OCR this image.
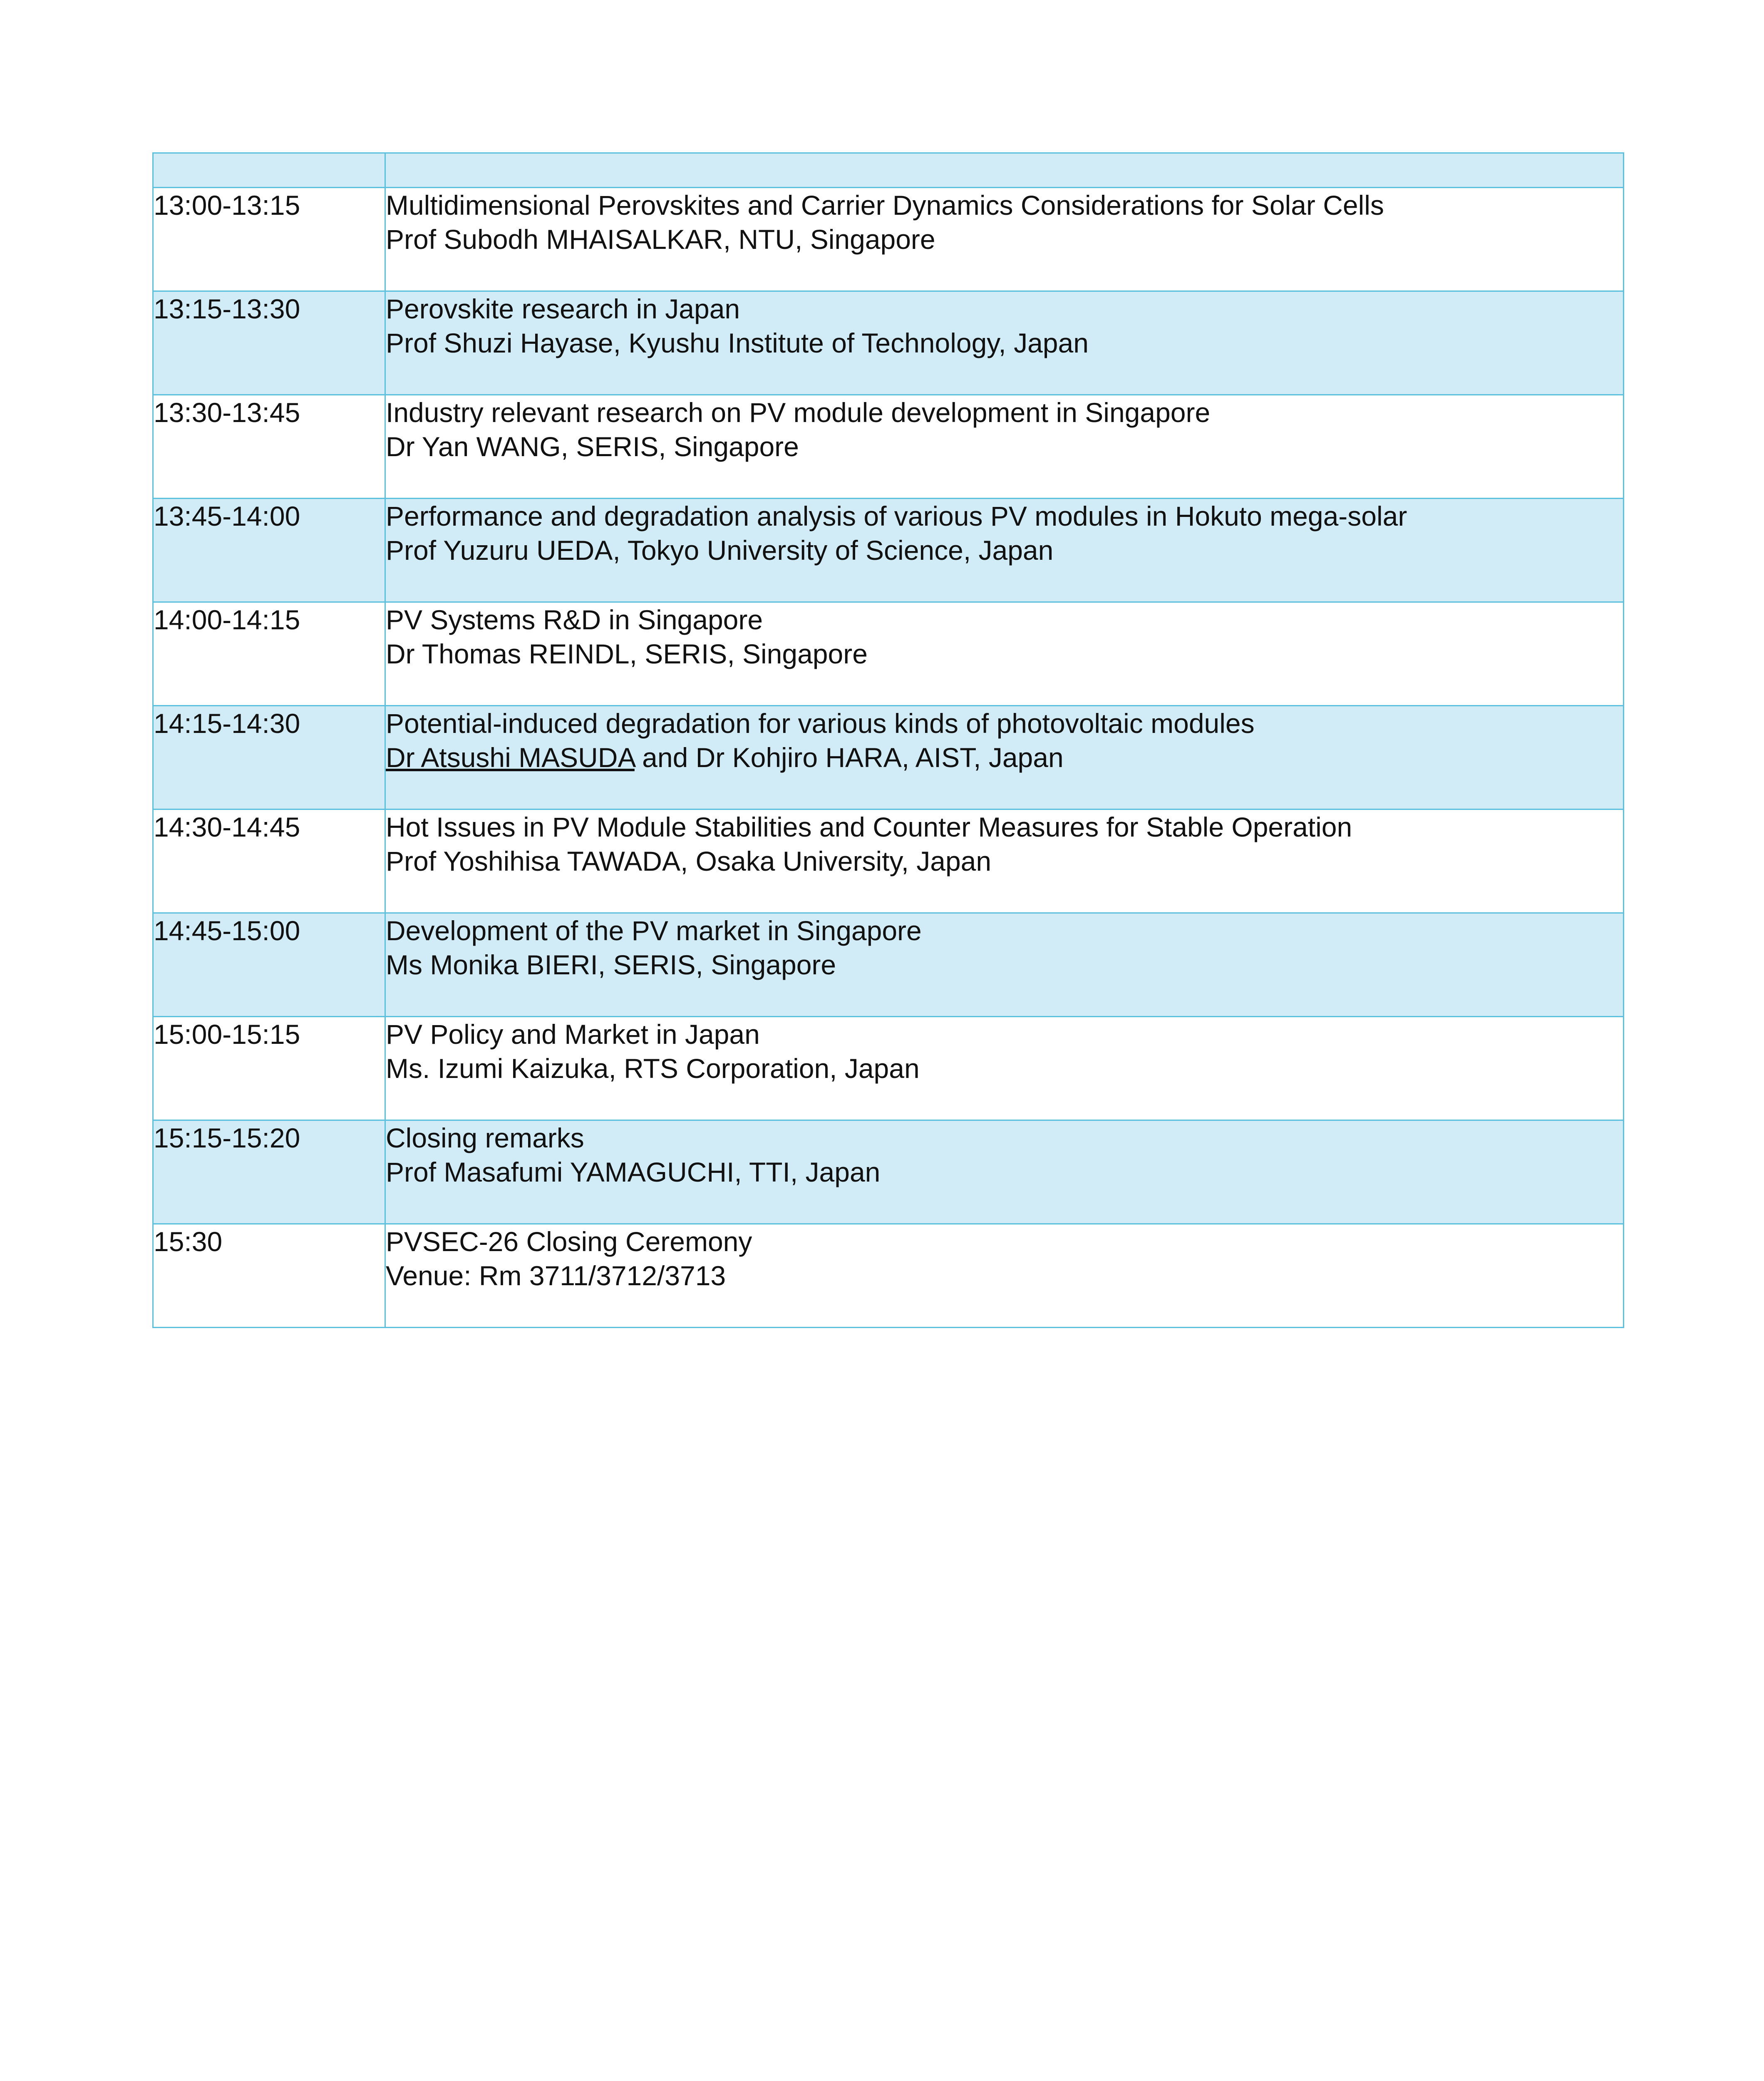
13:00-13:15	Multidimensional Perovskites and Carrier Dynamics Considerations for Solar Cells
Prof Subodh MHAISALKAR, NTU, Singapore

13:15-13:30	Perovskite research in Japan
Prof Shuzi Hayase, Kyushu Institute of Technology, Japan

13:30-13:45	Industry relevant research on PV module development in Singapore
Dr Yan WANG, SERIS, Singapore

13:45-14:00	Performance and degradation analysis of various PV modules in Hokuto mega-solar
Prof Yuzuru UEDA, Tokyo University of Science, Japan

14:00-14:15	PV Systems R&D in Singapore
Dr Thomas REINDL, SERIS, Singapore

14:15-14:30	Potential-induced degradation for various kinds of photovoltaic modules
Dr Atsushi MASUDA and Dr Kohjiro HARA, AIST, Japan

14:30-14:45	Hot Issues in PV Module Stabilities and Counter Measures for Stable Operation
Prof Yoshihisa TAWADA, Osaka University, Japan

14:45-15:00	Development of the PV market in Singapore
Ms Monika BIERI, SERIS, Singapore

15:00-15:15	PV Policy and Market in Japan
Ms. Izumi Kaizuka, RTS Corporation, Japan

15:15-15:20	Closing remarks
Prof Masafumi YAMAGUCHI, TTI, Japan

15:30	PVSEC-26 Closing Ceremony
Venue: Rm 3711/3712/3713
